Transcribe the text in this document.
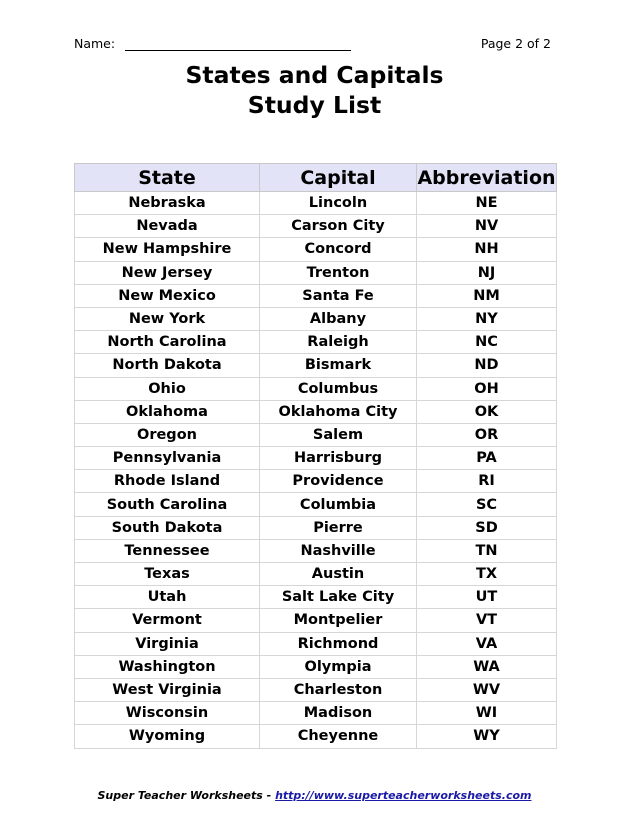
Name:	Page 2 of 2
States and Capitals
Study List
State	Capital	Abbreviation
Nebraska	Lincoln	NE
Nevada	Carson City	NV
New Hampshire	Concord	NH
New Jersey	Trenton	NJ
New Mexico	Santa Fe	NM
New York	Albany	NY
North Carolina	Raleigh	NC
North Dakota	Bismark	ND
Ohio	Columbus	OH
Oklahoma	Oklahoma City	OK
Oregon	Salem	OR
Pennsylvania	Harrisburg	PA
Rhode Island	Providence	RI
South Carolina	Columbia	SC
South Dakota	Pierre	SD
Tennessee	Nashville	TN
Texas	Austin	TX
Utah	Salt Lake City	UT
Vermont	Montpelier	VT
Virginia	Richmond	VA
Washington	Olympia	WA
West Virginia	Charleston	WV
Wisconsin	Madison	WI
Wyoming	Cheyenne	WY
Super Teacher Worksheets - http://www.superteacherworksheets.com
